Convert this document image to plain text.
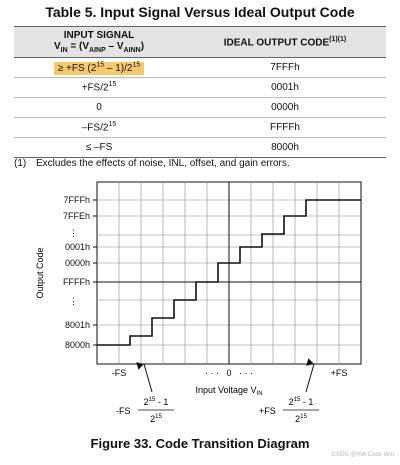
Table 5. Input Signal Versus Ideal Output Code
INPUT SIGNAL
$V_{IN} = (V_{AINP} - V_{AINN})$	IDEAL OUTPUT $CODE^{(1)(1)}$
≥ +FS $(2^{15} - 1)/2^{15}$	7FFFh
$+FS/2^{15}$	0001h
0	0000h
$-FS/2^{15}$	FFFFh
≤ –FS	8000h
(1) Excludes the effects of noise, INL, offset, and gain errors.
7FFFh
7FFEh
⋮
0001h
0000h
FFFFh
⋮
8001h
8000h
Output Code
-FS	+FS
· · · 0 · · ·
Input Voltage $V_{IN}$
-FS
$2^{15} - 1$
$2^{15}$
+FS
$2^{15} - 1$
$2^{15}$
Figure 33. Code Transition Diagram
CSDN @Hot-Code Win
